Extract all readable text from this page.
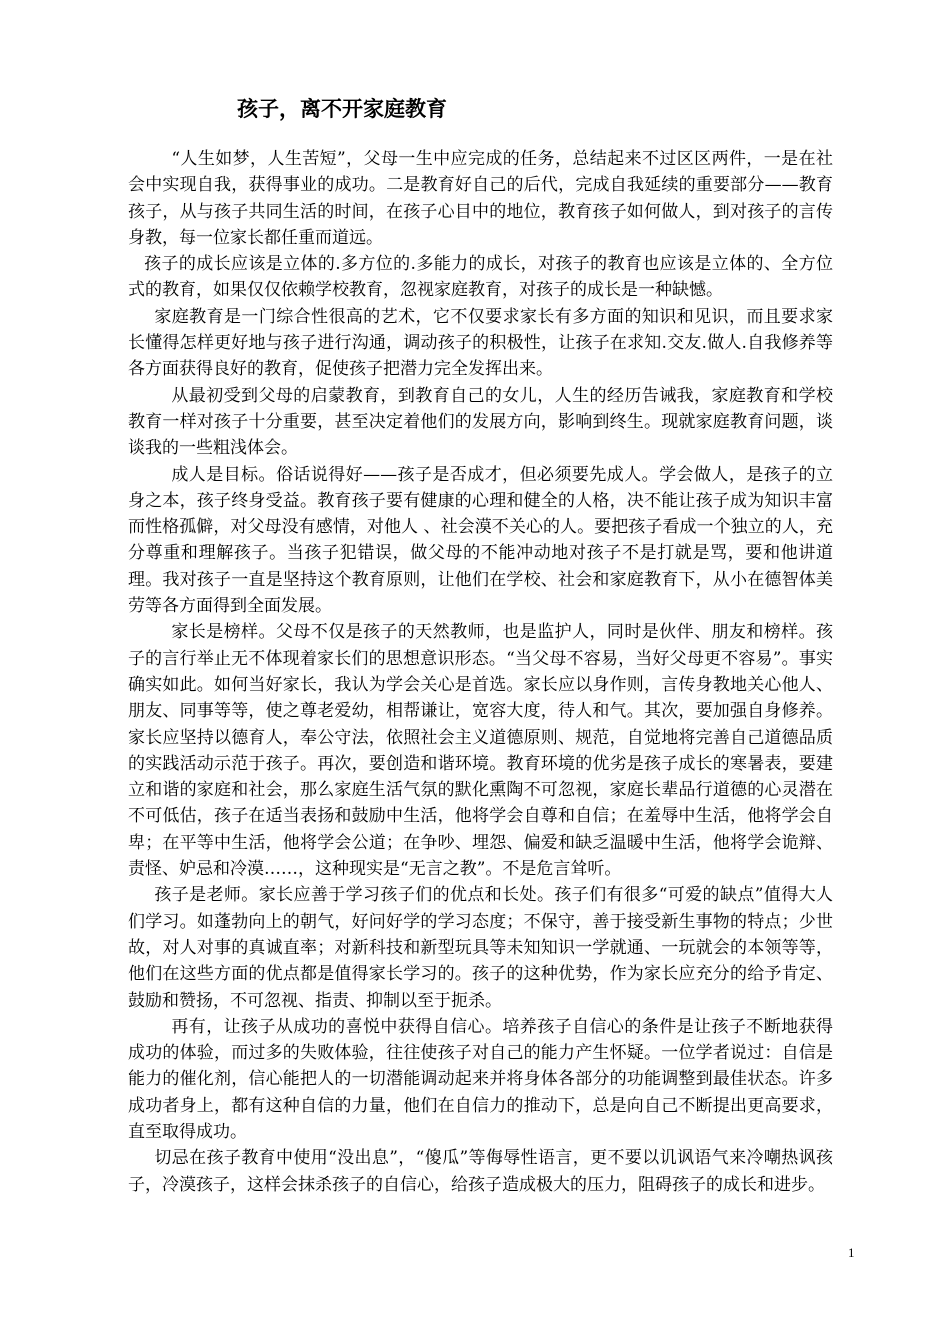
孩子，离不开家庭教育

“人生如梦，人生苦短”，父母一生中应完成的任务，总结起来不过区区两件，一是在社会中实现自我，获得事业的成功。二是教育好自己的后代，完成自我延续的重要部分——教育孩子，从与孩子共同生活的时间，在孩子心目中的地位，教育孩子如何做人，到对孩子的言传身教，每一位家长都任重而道远。

孩子的成长应该是立体的.多方位的.多能力的成长，对孩子的教育也应该是立体的、全方位式的教育，如果仅仅依赖学校教育，忽视家庭教育，对孩子的成长是一种缺憾。

家庭教育是一门综合性很高的艺术，它不仅要求家长有多方面的知识和见识，而且要求家长懂得怎样更好地与孩子进行沟通，调动孩子的积极性，让孩子在求知.交友.做人.自我修养等各方面获得良好的教育，促使孩子把潜力完全发挥出来。

从最初受到父母的启蒙教育，到教育自己的女儿，人生的经历告诫我，家庭教育和学校教育一样对孩子十分重要，甚至决定着他们的发展方向，影响到终生。现就家庭教育问题，谈谈我的一些粗浅体会。

成人是目标。俗话说得好——孩子是否成才，但必须要先成人。学会做人，是孩子的立身之本，孩子终身受益。教育孩子要有健康的心理和健全的人格，决不能让孩子成为知识丰富而性格孤僻，对父母没有感情，对他人 、社会漠不关心的人。要把孩子看成一个独立的人，充分尊重和理解孩子。当孩子犯错误，做父母的不能冲动地对孩子不是打就是骂，要和他讲道理。我对孩子一直是坚持这个教育原则，让他们在学校、社会和家庭教育下，从小在德智体美劳等各方面得到全面发展。

家长是榜样。父母不仅是孩子的天然教师，也是监护人，同时是伙伴、朋友和榜样。孩子的言行举止无不体现着家长们的思想意识形态。“当父母不容易，当好父母更不容易”。事实确实如此。如何当好家长，我认为学会关心是首选。家长应以身作则，言传身教地关心他人、朋友、同事等等，使之尊老爱幼，相帮谦让，宽容大度，待人和气。其次，要加强自身修养。家长应坚持以德育人，奉公守法，依照社会主义道德原则、规范，自觉地将完善自己道德品质的实践活动示范于孩子。再次，要创造和谐环境。教育环境的优劣是孩子成长的寒暑表，要建立和谐的家庭和社会，那么家庭生活气氛的默化熏陶不可忽视，家庭长辈品行道德的心灵潜在不可低估，孩子在适当表扬和鼓励中生活，他将学会自尊和自信；在羞辱中生活，他将学会自卑；在平等中生活，他将学会公道；在争吵、埋怨、偏爱和缺乏温暖中生活，他将学会诡辩、责怪、妒忌和冷漠……，这种现实是“无言之教”。不是危言耸听。

孩子是老师。家长应善于学习孩子们的优点和长处。孩子们有很多“可爱的缺点”值得大人们学习。如蓬勃向上的朝气，好问好学的学习态度；不保守，善于接受新生事物的特点；少世故，对人对事的真诚直率；对新科技和新型玩具等未知知识一学就通、一玩就会的本领等等，他们在这些方面的优点都是值得家长学习的。孩子的这种优势，作为家长应充分的给予肯定、鼓励和赞扬，不可忽视、指责、抑制以至于扼杀。

再有，让孩子从成功的喜悦中获得自信心。培养孩子自信心的条件是让孩子不断地获得成功的体验，而过多的失败体验，往往使孩子对自己的能力产生怀疑。一位学者说过：自信是能力的催化剂，信心能把人的一切潜能调动起来并将身体各部分的功能调整到最佳状态。许多成功者身上，都有这种自信的力量，他们在自信力的推动下，总是向自己不断提出更高要求，直至取得成功。

切忌在孩子教育中使用“没出息”，“傻瓜”等侮辱性语言，更不要以讥讽语气来冷嘲热讽孩子，冷漠孩子，这样会抹杀孩子的自信心，给孩子造成极大的压力，阻碍孩子的成长和进步。

1
